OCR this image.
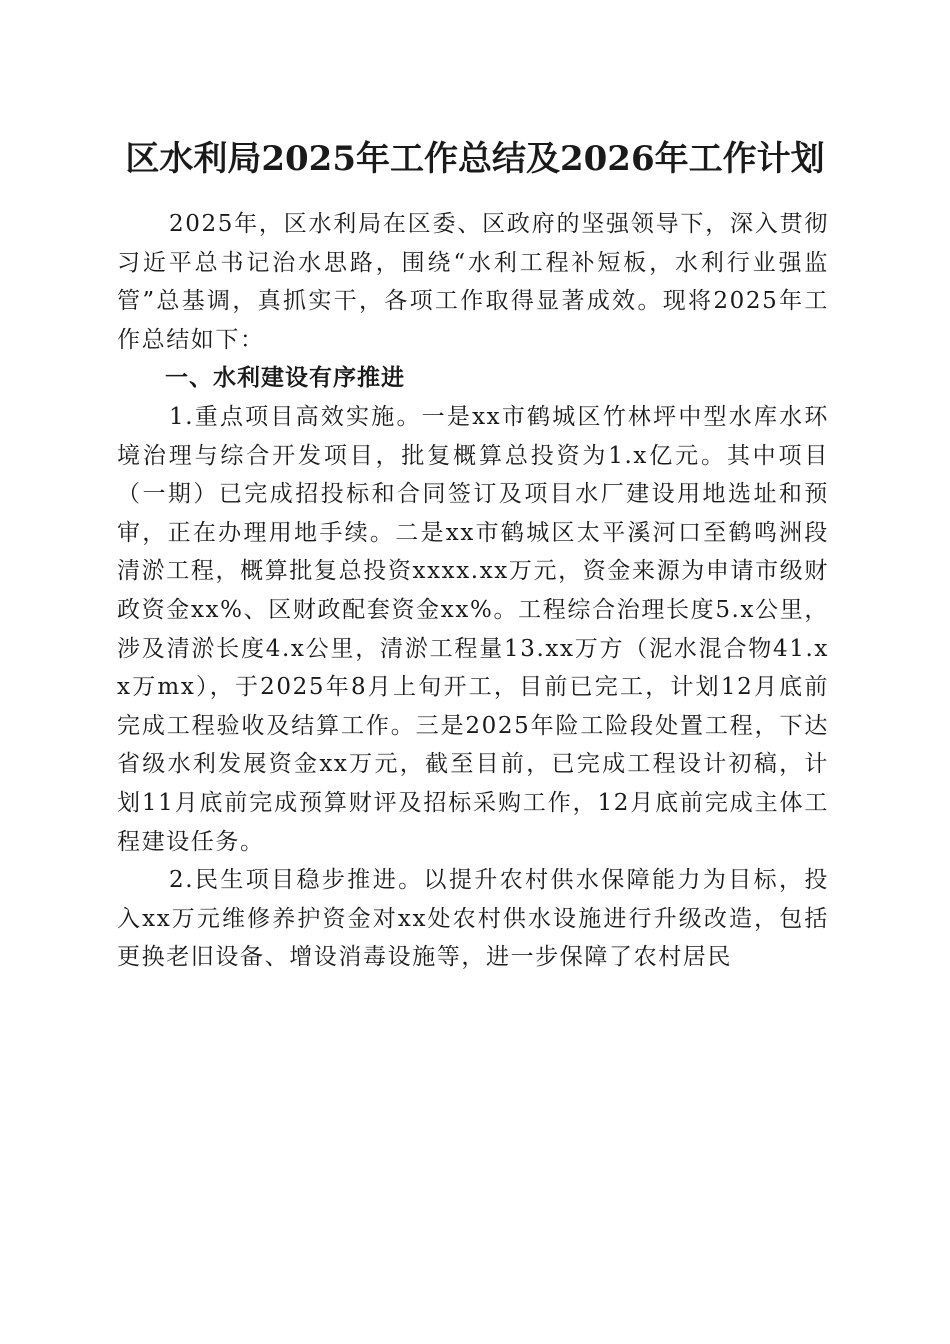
区水利局2025年工作总结及2026年工作计划

2025年，区水利局在区委、区政府的坚强领导下，深入贯彻习近平总书记治水思路，围绕“水利工程补短板，水利行业强监管”总基调，真抓实干，各项工作取得显著成效。现将2025年工作总结如下：

一、水利建设有序推进

1.重点项目高效实施。一是xx市鹤城区竹林坪中型水库水环境治理与综合开发项目，批复概算总投资为1.x亿元。其中项目（一期）已完成招投标和合同签订及项目水厂建设用地选址和预审，正在办理用地手续。二是xx市鹤城区太平溪河口至鹤鸣洲段清淤工程，概算批复总投资xxxx.xx万元，资金来源为申请市级财政资金xx%、区财政配套资金xx%。工程综合治理长度5.x公里，涉及清淤长度4.x公里，清淤工程量13.xx万方（泥水混合物41.xx万mx），于2025年8月上旬开工，目前已完工，计划12月底前完成工程验收及结算工作。三是2025年险工险段处置工程，下达省级水利发展资金xx万元，截至目前，已完成工程设计初稿，计划11月底前完成预算财评及招标采购工作，12月底前完成主体工程建设任务。

2.民生项目稳步推进。以提升农村供水保障能力为目标，投入xx万元维修养护资金对xx处农村供水设施进行升级改造，包括更换老旧设备、增设消毒设施等，进一步保障了农村居民
